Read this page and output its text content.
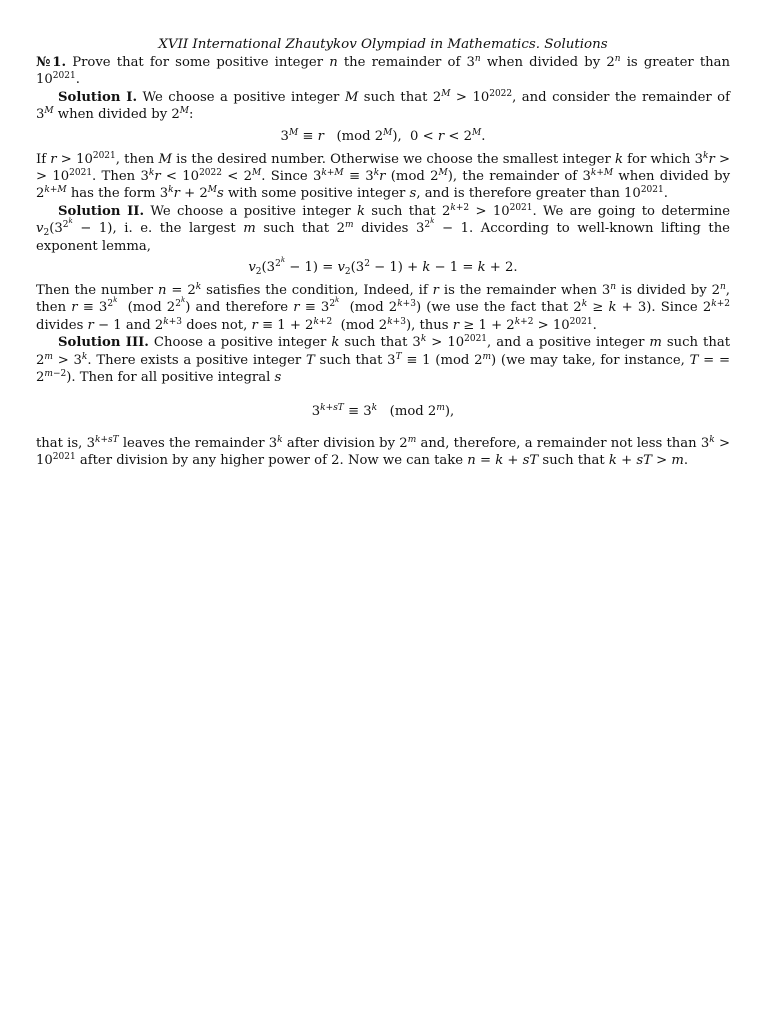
XVII International Zhautykov Olympiad in Mathematics. Solutions

№1. Prove that for some positive integer n the remainder of 3$^n$ when divided by 2$^n$ is greater than $10^{2021}$.

Solution I. We choose a positive integer M such that $2^M > 10^{2022}$, and consider the remainder of $3^M$ when divided by $2^M$:

$3^M \equiv r$   (mod $2^M$),  $0 < r < 2^M$.

If $r > 10^{2021}$, then M is the desired number. Otherwise we choose the smallest integer k for which $3^kr$ > > $10^{2021}$. Then $3^kr < 10^{2022} < 2^M$. Since $3^{k+M} \equiv 3^kr$ (mod $2^M$), the remainder of $3^{k+M}$ when divided by $2^{k+M}$ has the form $3^kr + 2^Ms$ with some positive integer s, and is therefore greater than $10^{2021}$.

Solution II. We choose a positive integer k such that $2^{k+2} > 10^{2021}$. We are going to determine $v_2(3^{2^k} - 1)$, i. e. the largest m such that 2$^m$ divides $3^{2^k} - 1$. According to well-known lifting the exponent lemma,

$v_2(3^{2^k} - 1) = v_2(3^2 - 1) + k - 1 = k + 2$.

Then the number $n = 2^k$ satisfies the condition, Indeed, if r is the remainder when 3$^n$ is divided by 2$^n$, then $r \equiv 3^{2^k}$  (mod $2^{2^k}$) and therefore $r \equiv 3^{2^k}$  (mod $2^{k+3}$) (we use the fact that $2^k \ge k + 3$). Since $2^{k+2}$ divides r − 1 and $2^{k+3}$ does not, $r \equiv 1 + 2^{k+2}$  (mod $2^{k+3}$), thus $r \ge 1 + 2^{k+2} > 10^{2021}$.

Solution III. Choose a positive integer k such that $3^k > 10^{2021}$, and a positive integer m such that $2^m > 3^k$. There exists a positive integer T such that $3^T \equiv 1$ (mod 2$^m$) (we may take, for instance, T = = $2^{m-2}$). Then for all positive integral s

$3^{k+sT} \equiv 3^k$   (mod 2$^m$),

that is, $3^{k+sT}$ leaves the remainder 3$^k$ after division by 2$^m$ and, therefore, a remainder not less than $3^k > 10^{2021}$ after division by any higher power of 2. Now we can take n = k + sT such that k + sT > m.
